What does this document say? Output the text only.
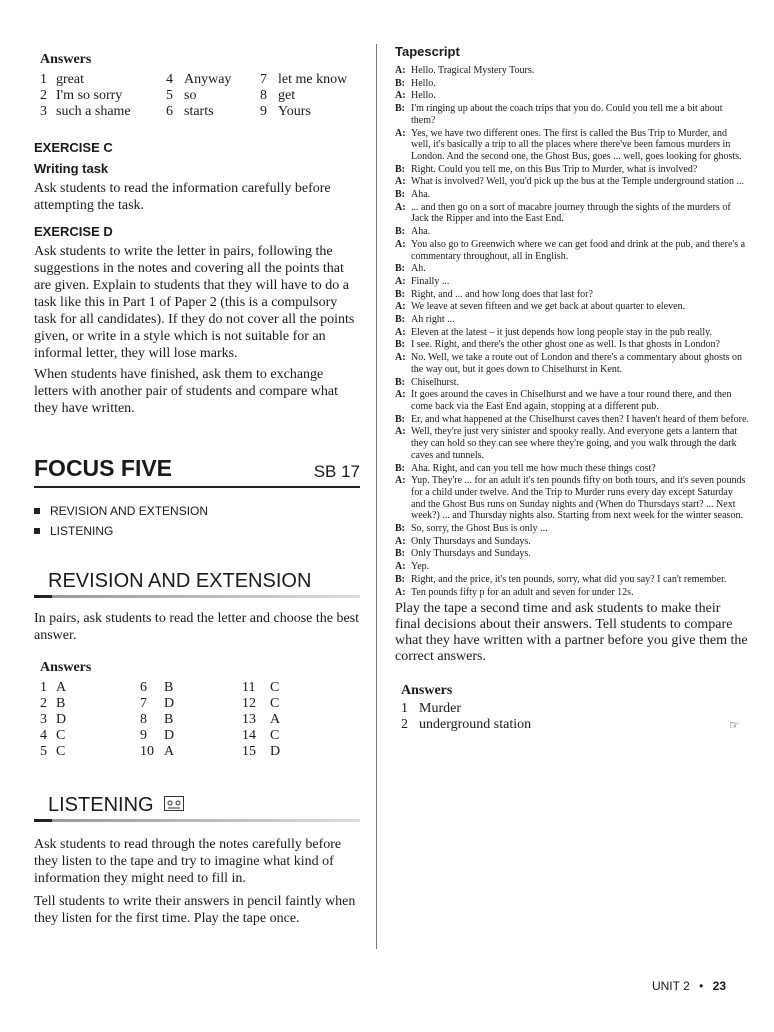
Answers
1 great	4 Anyway	7 let me know
2 I'm so sorry	5 so	8 get
3 such a shame	6 starts	9 Yours
EXERCISE C
Writing task

Ask students to read the information carefully before attempting the task.

EXERCISE D

Ask students to write the letter in pairs, following the suggestions in the notes and covering all the points that are given. Explain to students that they will have to do a task like this in Part 1 of Paper 2 (this is a compulsory task for all candidates). If they do not cover all the points given, or write in a style which is not suitable for an informal letter, they will lose marks.

When students have finished, ask them to exchange letters with another pair of students and compare what they have written.

FOCUS FIVE	SB 17
REVISION AND EXTENSION
LISTENING
REVISION AND EXTENSION

In pairs, ask students to read the letter and choose the best answer.

Answers
1 A	6	B	11	C
2 B	7	D	12	C
3 D	8	B	13	A
4 C	9	D	14	C
5 C	10 A	15	D
LISTENING

Ask students to read through the notes carefully before they listen to the tape and try to imagine what kind of information they might need to fill in.

Tell students to write their answers in pencil faintly when they listen for the first time. Play the tape once.

Tapescript
A: Hello. Tragical Mystery Tours.
B: Hello.
A: Hello.
B: I'm ringing up about the coach trips that you do. Could you tell me a bit about them?
A: Yes, we have two different ones. The first is called the Bus Trip to Murder, and well, it's basically a trip to all the places where there've been famous murders in London. And the second one, the Ghost Bus, goes ... well, goes looking for ghosts.
B: Right. Could you tell me, on this Bus Trip to Murder, what is involved?
A: What is involved? Well, you'd pick up the bus at the Temple underground station ...
B: Aha.
A: ... and then go on a sort of macabre journey through the sights of the murders of Jack the Ripper and into the East End.
B: Aha.
A: You also go to Greenwich where we can get food and drink at the pub, and there's a commentary throughout, all in English.
B: Ah.
A: Finally ...
B: Right, and ... and how long does that last for?
A: We leave at seven fifteen and we get back at about quarter to eleven.
B: Ah right ...
A: Eleven at the latest – it just depends how long people stay in the pub really.
B: I see. Right, and there's the other ghost one as well. Is that ghosts in London?
A: No. Well, we take a route out of London and there's a commentary about ghosts on the way out, but it goes down to Chiselhurst in Kent.
B: Chiselhurst.
A: It goes around the caves in Chiselhurst and we have a tour round there, and then come back via the East End again, stopping at a different pub.
B: Er, and what happened at the Chiselhurst caves then? I haven't heard of them before.
A: Well, they're just very sinister and spooky really. And everyone gets a lantern that they can hold so they can see where they're going, and you walk through the dark caves and tunnels.
B: Aha. Right, and can you tell me how much these things cost?
A: Yup. They're ... for an adult it's ten pounds fifty on both tours, and it's seven pounds for a child under twelve. And the Trip to Murder runs every day except Saturday and the Ghost Bus runs on Sunday nights and (When do Thursdays start? ... Next week?) ... and Thursday nights also. Starting from next week for the winter season.
B: So, sorry, the Ghost Bus is only ...
A: Only Thursdays and Sundays.
B: Only Thursdays and Sundays.
A: Yep.
B: Right, and the price, it's ten pounds, sorry, what did you say? I can't remember.
A: Ten pounds fifty p for an adult and seven for under 12s.

Play the tape a second time and ask students to make their final decisions about their answers. Tell students to compare what they have written with a partner before you give them the correct answers.

Answers
1 Murder
2 underground station	☞
UNIT 2 • 23
